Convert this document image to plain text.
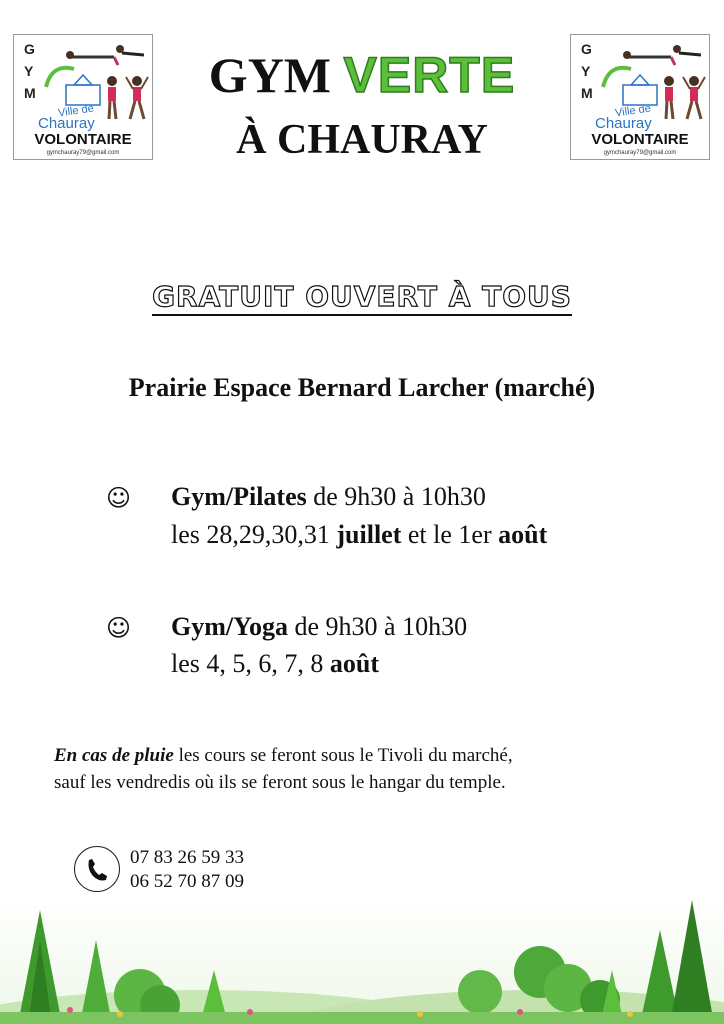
G
Y
M
Ville de
Chauray
VOLONTAIRE
gymchauray79@gmail.com
G
Y
M
Ville de
Chauray
VOLONTAIRE
gymchauray79@gmail.com
GYM VERTE
À CHAURAY
GRATUIT OUVERT À TOUS
Prairie Espace Bernard Larcher (marché)
☺ Gym/Pilates de 9h30 à 10h30
les 28,29,30,31 juillet et le 1er août
☺ Gym/Yoga de 9h30 à 10h30
les 4, 5, 6, 7, 8 août
En cas de pluie les cours se feront sous le Tivoli du marché,
sauf les vendredis où ils se feront sous le hangar du temple.
07 83 26 59 33
06 52 70 87 09
